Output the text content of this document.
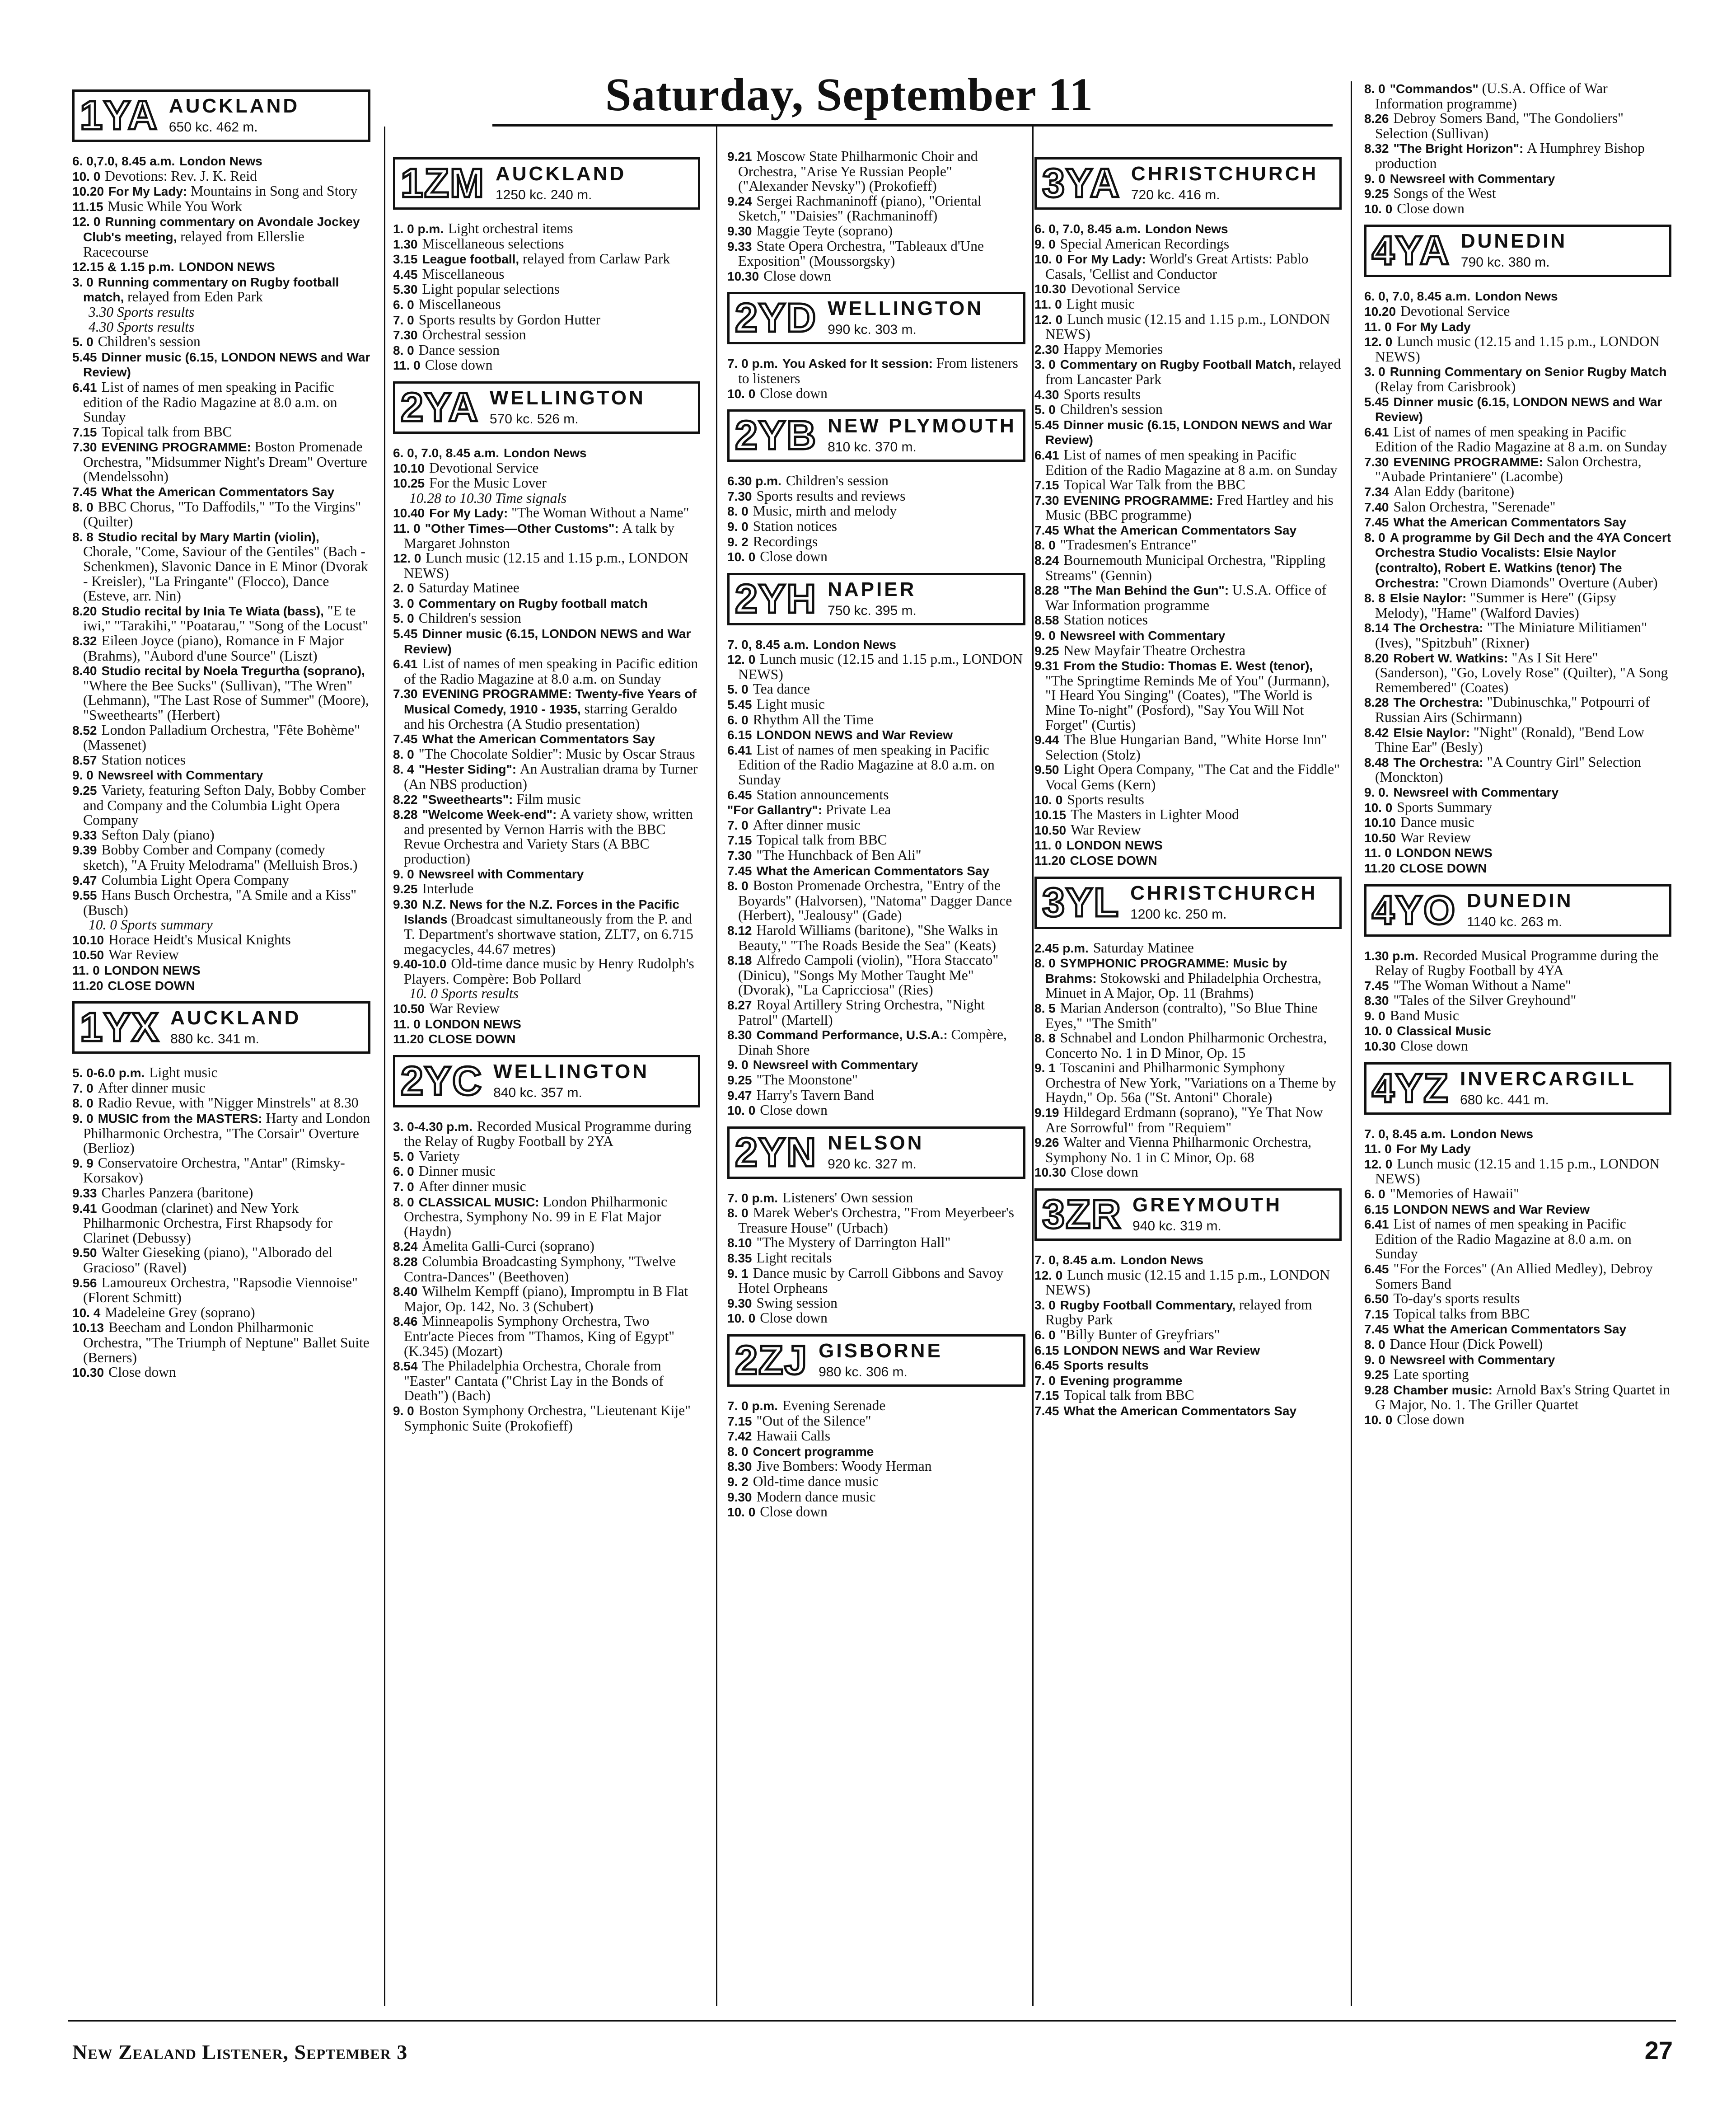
Saturday, September 11
1YA AUCKLAND
650 kc. 462 m.

6. 0,7.0, 8.45 a.m. London News

10. 0 Devotions: Rev. J. K. Reid

10.20 For My Lady: Mountains in Song and Story

11.15 Music While You Work

12. 0 Running commentary on Avondale Jockey Club's meeting, relayed from Ellerslie Racecourse

12.15 & 1.15 p.m. LONDON NEWS

3. 0 Running commentary on Rugby football match, relayed from Eden Park

3.30 Sports results

4.30 Sports results

5. 0 Children's session

5.45 Dinner music (6.15, LONDON NEWS and War Review)

6.41 List of names of men speaking in Pacific edition of the Radio Magazine at 8.0 a.m. on Sunday

7.15 Topical talk from BBC

7.30 EVENING PROGRAMME: Boston Promenade Orchestra, "Midsummer Night's Dream" Overture (Mendelssohn)

7.45 What the American Commentators Say

8. 0 BBC Chorus, "To Daffodils," "To the Virgins" (Quilter)

8. 8 Studio recital by Mary Martin (violin), Chorale, "Come, Saviour of the Gentiles" (Bach - Schenkmen), Slavonic Dance in E Minor (Dvorak - Kreisler), "La Fringante" (Flocco), Dance (Esteve, arr. Nin)

8.20 Studio recital by Inia Te Wiata (bass), "E te iwi," "Tarakihi," "Poatarau," "Song of the Locust"

8.32 Eileen Joyce (piano), Romance in F Major (Brahms), "Aubord d'une Source" (Liszt)

8.40 Studio recital by Noela Tregurtha (soprano), "Where the Bee Sucks" (Sullivan), "The Wren" (Lehmann), "The Last Rose of Summer" (Moore), "Sweethearts" (Herbert)

8.52 London Palladium Orchestra, "Fête Bohème" (Massenet)

8.57 Station notices

9. 0 Newsreel with Commentary

9.25 Variety, featuring Sefton Daly, Bobby Comber and Company and the Columbia Light Opera Company

9.33 Sefton Daly (piano)

9.39 Bobby Comber and Company (comedy sketch), "A Fruity Melodrama" (Melluish Bros.)

9.47 Columbia Light Opera Company

9.55 Hans Busch Orchestra, "A Smile and a Kiss" (Busch)

10. 0 Sports summary

10.10 Horace Heidt's Musical Knights

10.50 War Review

11. 0 LONDON NEWS

11.20 CLOSE DOWN

1YX AUCKLAND
880 kc. 341 m.

5. 0-6.0 p.m. Light music

7. 0 After dinner music

8. 0 Radio Revue, with "Nigger Minstrels" at 8.30

9. 0 MUSIC from the MASTERS: Harty and London Philharmonic Orchestra, "The Corsair" Overture (Berlioz)

9. 9 Conservatoire Orchestra, "Antar" (Rimsky-Korsakov)

9.33 Charles Panzera (baritone)

9.41 Goodman (clarinet) and New York Philharmonic Orchestra, First Rhapsody for Clarinet (Debussy)

9.50 Walter Gieseking (piano), "Alborado del Gracioso" (Ravel)

9.56 Lamoureux Orchestra, "Rapsodie Viennoise" (Florent Schmitt)

10. 4 Madeleine Grey (soprano)

10.13 Beecham and London Philharmonic Orchestra, "The Triumph of Neptune" Ballet Suite (Berners)

10.30 Close down

1ZM AUCKLAND
1250 kc. 240 m.

1. 0 p.m. Light orchestral items

1.30 Miscellaneous selections

3.15 League football, relayed from Carlaw Park

4.45 Miscellaneous

5.30 Light popular selections

6. 0 Miscellaneous

7. 0 Sports results by Gordon Hutter

7.30 Orchestral session

8. 0 Dance session

11. 0 Close down

2YA WELLINGTON
570 kc. 526 m.

6. 0, 7.0, 8.45 a.m. London News

10.10 Devotional Service

10.25 For the Music Lover

10.28 to 10.30 Time signals

10.40 For My Lady: "The Woman Without a Name"

11. 0 "Other Times—Other Customs": A talk by Margaret Johnston

12. 0 Lunch music (12.15 and 1.15 p.m., LONDON NEWS)

2. 0 Saturday Matinee

3. 0 Commentary on Rugby football match

5. 0 Children's session

5.45 Dinner music (6.15, LONDON NEWS and War Review)

6.41 List of names of men speaking in Pacific edition of the Radio Magazine at 8.0 a.m. on Sunday

7.30 EVENING PROGRAMME: Twenty-five Years of Musical Comedy, 1910 - 1935, starring Geraldo and his Orchestra (A Studio presentation)

7.45 What the American Commentators Say

8. 0 "The Chocolate Soldier": Music by Oscar Straus

8. 4 "Hester Siding": An Australian drama by Turner (An NBS production)

8.22 "Sweethearts": Film music

8.28 "Welcome Week-end": A variety show, written and presented by Vernon Harris with the BBC Revue Orchestra and Variety Stars (A BBC production)

9. 0 Newsreel with Commentary

9.25 Interlude

9.30 N.Z. News for the N.Z. Forces in the Pacific Islands (Broadcast simultaneously from the P. and T. Department's shortwave station, ZLT7, on 6.715 megacycles, 44.67 metres)

9.40-10.0 Old-time dance music by Henry Rudolph's Players. Compère: Bob Pollard

10. 0 Sports results

10.50 War Review

11. 0 LONDON NEWS

11.20 CLOSE DOWN

2YC WELLINGTON
840 kc. 357 m.

3. 0-4.30 p.m. Recorded Musical Programme during the Relay of Rugby Football by 2YA

5. 0 Variety

6. 0 Dinner music

7. 0 After dinner music

8. 0 CLASSICAL MUSIC: London Philharmonic Orchestra, Symphony No. 99 in E Flat Major (Haydn)

8.24 Amelita Galli-Curci (soprano)

8.28 Columbia Broadcasting Symphony, "Twelve Contra-Dances" (Beethoven)

8.40 Wilhelm Kempff (piano), Impromptu in B Flat Major, Op. 142, No. 3 (Schubert)

8.46 Minneapolis Symphony Orchestra, Two Entr'acte Pieces from "Thamos, King of Egypt" (K.345) (Mozart)

8.54 The Philadelphia Orchestra, Chorale from "Easter" Cantata ("Christ Lay in the Bonds of Death") (Bach)

9. 0 Boston Symphony Orchestra, "Lieutenant Kije" Symphonic Suite (Prokofieff)

9.21 Moscow State Philharmonic Choir and Orchestra, "Arise Ye Russian People" ("Alexander Nevsky") (Prokofieff)

9.24 Sergei Rachmaninoff (piano), "Oriental Sketch," "Daisies" (Rachmaninoff)

9.30 Maggie Teyte (soprano)

9.33 State Opera Orchestra, "Tableaux d'Une Exposition" (Moussorgsky)

10.30 Close down

2YD WELLINGTON
990 kc. 303 m.

7. 0 p.m. You Asked for It session: From listeners to listeners

10. 0 Close down

2YB NEW PLYMOUTH
810 kc. 370 m.

6.30 p.m. Children's session

7.30 Sports results and reviews

8. 0 Music, mirth and melody

9. 0 Station notices

9. 2 Recordings

10. 0 Close down

2YH NAPIER
750 kc. 395 m.

7. 0, 8.45 a.m. London News

12. 0 Lunch music (12.15 and 1.15 p.m., LONDON NEWS)

5. 0 Tea dance

5.45 Light music

6. 0 Rhythm All the Time

6.15 LONDON NEWS and War Review

6.41 List of names of men speaking in Pacific Edition of the Radio Magazine at 8.0 a.m. on Sunday

6.45 Station announcements

"For Gallantry": Private Lea

7. 0 After dinner music

7.15 Topical talk from BBC

7.30 "The Hunchback of Ben Ali"

7.45 What the American Commentators Say

8. 0 Boston Promenade Orchestra, "Entry of the Boyards" (Halvorsen), "Natoma" Dagger Dance (Herbert), "Jealousy" (Gade)

8.12 Harold Williams (baritone), "She Walks in Beauty," "The Roads Beside the Sea" (Keats)

8.18 Alfredo Campoli (violin), "Hora Staccato" (Dinicu), "Songs My Mother Taught Me" (Dvorak), "La Capricciosa" (Ries)

8.27 Royal Artillery String Orchestra, "Night Patrol" (Martell)

8.30 Command Performance, U.S.A.: Compère, Dinah Shore

9. 0 Newsreel with Commentary

9.25 "The Moonstone"

9.47 Harry's Tavern Band

10. 0 Close down

2YN NELSON
920 kc. 327 m.

7. 0 p.m. Listeners' Own session

8. 0 Marek Weber's Orchestra, "From Meyerbeer's Treasure House" (Urbach)

8.10 "The Mystery of Darrington Hall"

8.35 Light recitals

9. 1 Dance music by Carroll Gibbons and Savoy Hotel Orpheans

9.30 Swing session

10. 0 Close down

2ZJ GISBORNE
980 kc. 306 m.

7. 0 p.m. Evening Serenade

7.15 "Out of the Silence"

7.42 Hawaii Calls

8. 0 Concert programme

8.30 Jive Bombers: Woody Herman

9. 2 Old-time dance music

9.30 Modern dance music

10. 0 Close down

3YA CHRISTCHURCH
720 kc. 416 m.

6. 0, 7.0, 8.45 a.m. London News

9. 0 Special American Recordings

10. 0 For My Lady: World's Great Artists: Pablo Casals, 'Cellist and Conductor

10.30 Devotional Service

11. 0 Light music

12. 0 Lunch music (12.15 and 1.15 p.m., LONDON NEWS)

2.30 Happy Memories

3. 0 Commentary on Rugby Football Match, relayed from Lancaster Park

4.30 Sports results

5. 0 Children's session

5.45 Dinner music (6.15, LONDON NEWS and War Review)

6.41 List of names of men speaking in Pacific Edition of the Radio Magazine at 8 a.m. on Sunday

7.15 Topical War Talk from the BBC

7.30 EVENING PROGRAMME: Fred Hartley and his Music (BBC programme)

7.45 What the American Commentators Say

8. 0 "Tradesmen's Entrance"

8.24 Bournemouth Municipal Orchestra, "Rippling Streams" (Gennin)

8.28 "The Man Behind the Gun": U.S.A. Office of War Information programme

8.58 Station notices

9. 0 Newsreel with Commentary

9.25 New Mayfair Theatre Orchestra

9.31 From the Studio: Thomas E. West (tenor), "The Springtime Reminds Me of You" (Jurmann), "I Heard You Singing" (Coates), "The World is Mine To-night" (Posford), "Say You Will Not Forget" (Curtis)

9.44 The Blue Hungarian Band, "White Horse Inn" Selection (Stolz)

9.50 Light Opera Company, "The Cat and the Fiddle" Vocal Gems (Kern)

10. 0 Sports results

10.15 The Masters in Lighter Mood

10.50 War Review

11. 0 LONDON NEWS

11.20 CLOSE DOWN

3YL CHRISTCHURCH
1200 kc. 250 m.

2.45 p.m. Saturday Matinee

8. 0 SYMPHONIC PROGRAMME: Music by Brahms: Stokowski and Philadelphia Orchestra, Minuet in A Major, Op. 11 (Brahms)

8. 5 Marian Anderson (contralto), "So Blue Thine Eyes," "The Smith"

8. 8 Schnabel and London Philharmonic Orchestra, Concerto No. 1 in D Minor, Op. 15

9. 1 Toscanini and Philharmonic Symphony Orchestra of New York, "Variations on a Theme by Haydn," Op. 56a ("St. Antoni" Chorale)

9.19 Hildegard Erdmann (soprano), "Ye That Now Are Sorrowful" from "Requiem"

9.26 Walter and Vienna Philharmonic Orchestra, Symphony No. 1 in C Minor, Op. 68

10.30 Close down

3ZR GREYMOUTH
940 kc. 319 m.

7. 0, 8.45 a.m. London News

12. 0 Lunch music (12.15 and 1.15 p.m., LONDON NEWS)

3. 0 Rugby Football Commentary, relayed from Rugby Park

6. 0 "Billy Bunter of Greyfriars"

6.15 LONDON NEWS and War Review

6.45 Sports results

7. 0 Evening programme

7.15 Topical talk from BBC

7.45 What the American Commentators Say

8. 0 "Commandos" (U.S.A. Office of War Information programme)

8.26 Debroy Somers Band, "The Gondoliers" Selection (Sullivan)

8.32 "The Bright Horizon": A Humphrey Bishop production

9. 0 Newsreel with Commentary

9.25 Songs of the West

10. 0 Close down

4YA DUNEDIN
790 kc. 380 m.

6. 0, 7.0, 8.45 a.m. London News

10.20 Devotional Service

11. 0 For My Lady

12. 0 Lunch music (12.15 and 1.15 p.m., LONDON NEWS)

3. 0 Running Commentary on Senior Rugby Match (Relay from Carisbrook)

5.45 Dinner music (6.15, LONDON NEWS and War Review)

6.41 List of names of men speaking in Pacific Edition of the Radio Magazine at 8 a.m. on Sunday

7.30 EVENING PROGRAMME: Salon Orchestra, "Aubade Printaniere" (Lacombe)

7.34 Alan Eddy (baritone)

7.40 Salon Orchestra, "Serenade"

7.45 What the American Commentators Say

8. 0 A programme by Gil Dech and the 4YA Concert Orchestra Studio Vocalists: Elsie Naylor (contralto), Robert E. Watkins (tenor) The Orchestra: "Crown Diamonds" Overture (Auber)

8. 8 Elsie Naylor: "Summer is Here" (Gipsy Melody), "Hame" (Walford Davies)

8.14 The Orchestra: "The Miniature Militiamen" (Ives), "Spitzbuh" (Rixner)

8.20 Robert W. Watkins: "As I Sit Here" (Sanderson), "Go, Lovely Rose" (Quilter), "A Song Remembered" (Coates)

8.28 The Orchestra: "Dubinuschka," Potpourri of Russian Airs (Schirmann)

8.42 Elsie Naylor: "Night" (Ronald), "Bend Low Thine Ear" (Besly)

8.48 The Orchestra: "A Country Girl" Selection (Monckton)

9. 0. Newsreel with Commentary

10. 0 Sports Summary

10.10 Dance music

10.50 War Review

11. 0 LONDON NEWS

11.20 CLOSE DOWN

4YO DUNEDIN
1140 kc. 263 m.

1.30 p.m. Recorded Musical Programme during the Relay of Rugby Football by 4YA

7.45 "The Woman Without a Name"

8.30 "Tales of the Silver Greyhound"

9. 0 Band Music

10. 0 Classical Music

10.30 Close down

4YZ INVERCARGILL
680 kc. 441 m.

7. 0, 8.45 a.m. London News

11. 0 For My Lady

12. 0 Lunch music (12.15 and 1.15 p.m., LONDON NEWS)

6. 0 "Memories of Hawaii"

6.15 LONDON NEWS and War Review

6.41 List of names of men speaking in Pacific Edition of the Radio Magazine at 8.0 a.m. on Sunday

6.45 "For the Forces" (An Allied Medley), Debroy Somers Band

6.50 To-day's sports results

7.15 Topical talks from BBC

7.45 What the American Commentators Say

8. 0 Dance Hour (Dick Powell)

9. 0 Newsreel with Commentary

9.25 Late sporting

9.28 Chamber music: Arnold Bax's String Quartet in G Major, No. 1. The Griller Quartet

10. 0 Close down

New Zealand Listener, September 3	27
